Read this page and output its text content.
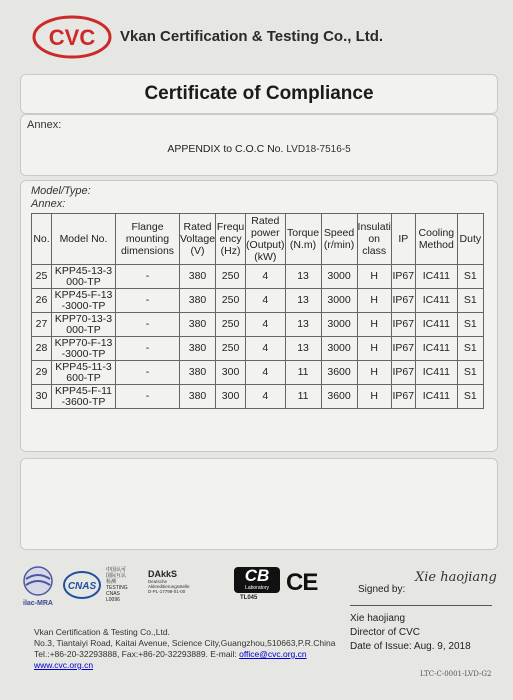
CVC Vkan Certification & Testing Co., Ltd.
Certificate of Compliance
Annex:
APPENDIX to C.O.C No. LVD18-7516-5
Model/Type:
Annex:
No.	Model No.	Flange mounting dimensions	Rated Voltage (V)	Frequ ency (Hz)	Rated power (Output) (kW)	Torque (N.m)	Speed (r/min)	Insulati on class	IP	Cooling Method	Duty
25	KPP45-13-3 000-TP	-	380	250	4	13	3000	H	IP67	IC411	S1
26	KPP45-F-13 -3000-TP	-	380	250	4	13	3000	H	IP67	IC411	S1
27	KPP70-13-3 000-TP	-	380	250	4	13	3000	H	IP67	IC411	S1
28	KPP70-F-13 -3000-TP	-	380	250	4	13	3000	H	IP67	IC411	S1
29	KPP45-11-3 600-TP	-	380	300	4	11	3600	H	IP67	IC411	S1
30	KPP45-F-11 -3600-TP	-	380	300	4	11	3600	H	IP67	IC411	S1
ilac-MRA
CNAS
中国认可
国际互认
检测
TESTING
CNAS L0096
DAkkS
Deutsche
Akkreditierungsstelle
D-PL-17798-01-00
CB
Laboratory
TL045
CE	Signed by:
Xie haojiang
Xie haojiang
Director of CVC
Date of Issue: Aug. 9, 2018
Vkan Certification & Testing Co.,Ltd.
No.3, Tiantaiyi Road, Kaitai Avenue, Science City,Guangzhou,510663,P.R.China
Tel.:+86-20-32293888, Fax:+86-20-32293889. E-mail: office@cvc.org.cn
www.cvc.org.cn
LTC-C-0001-LVD-G2
